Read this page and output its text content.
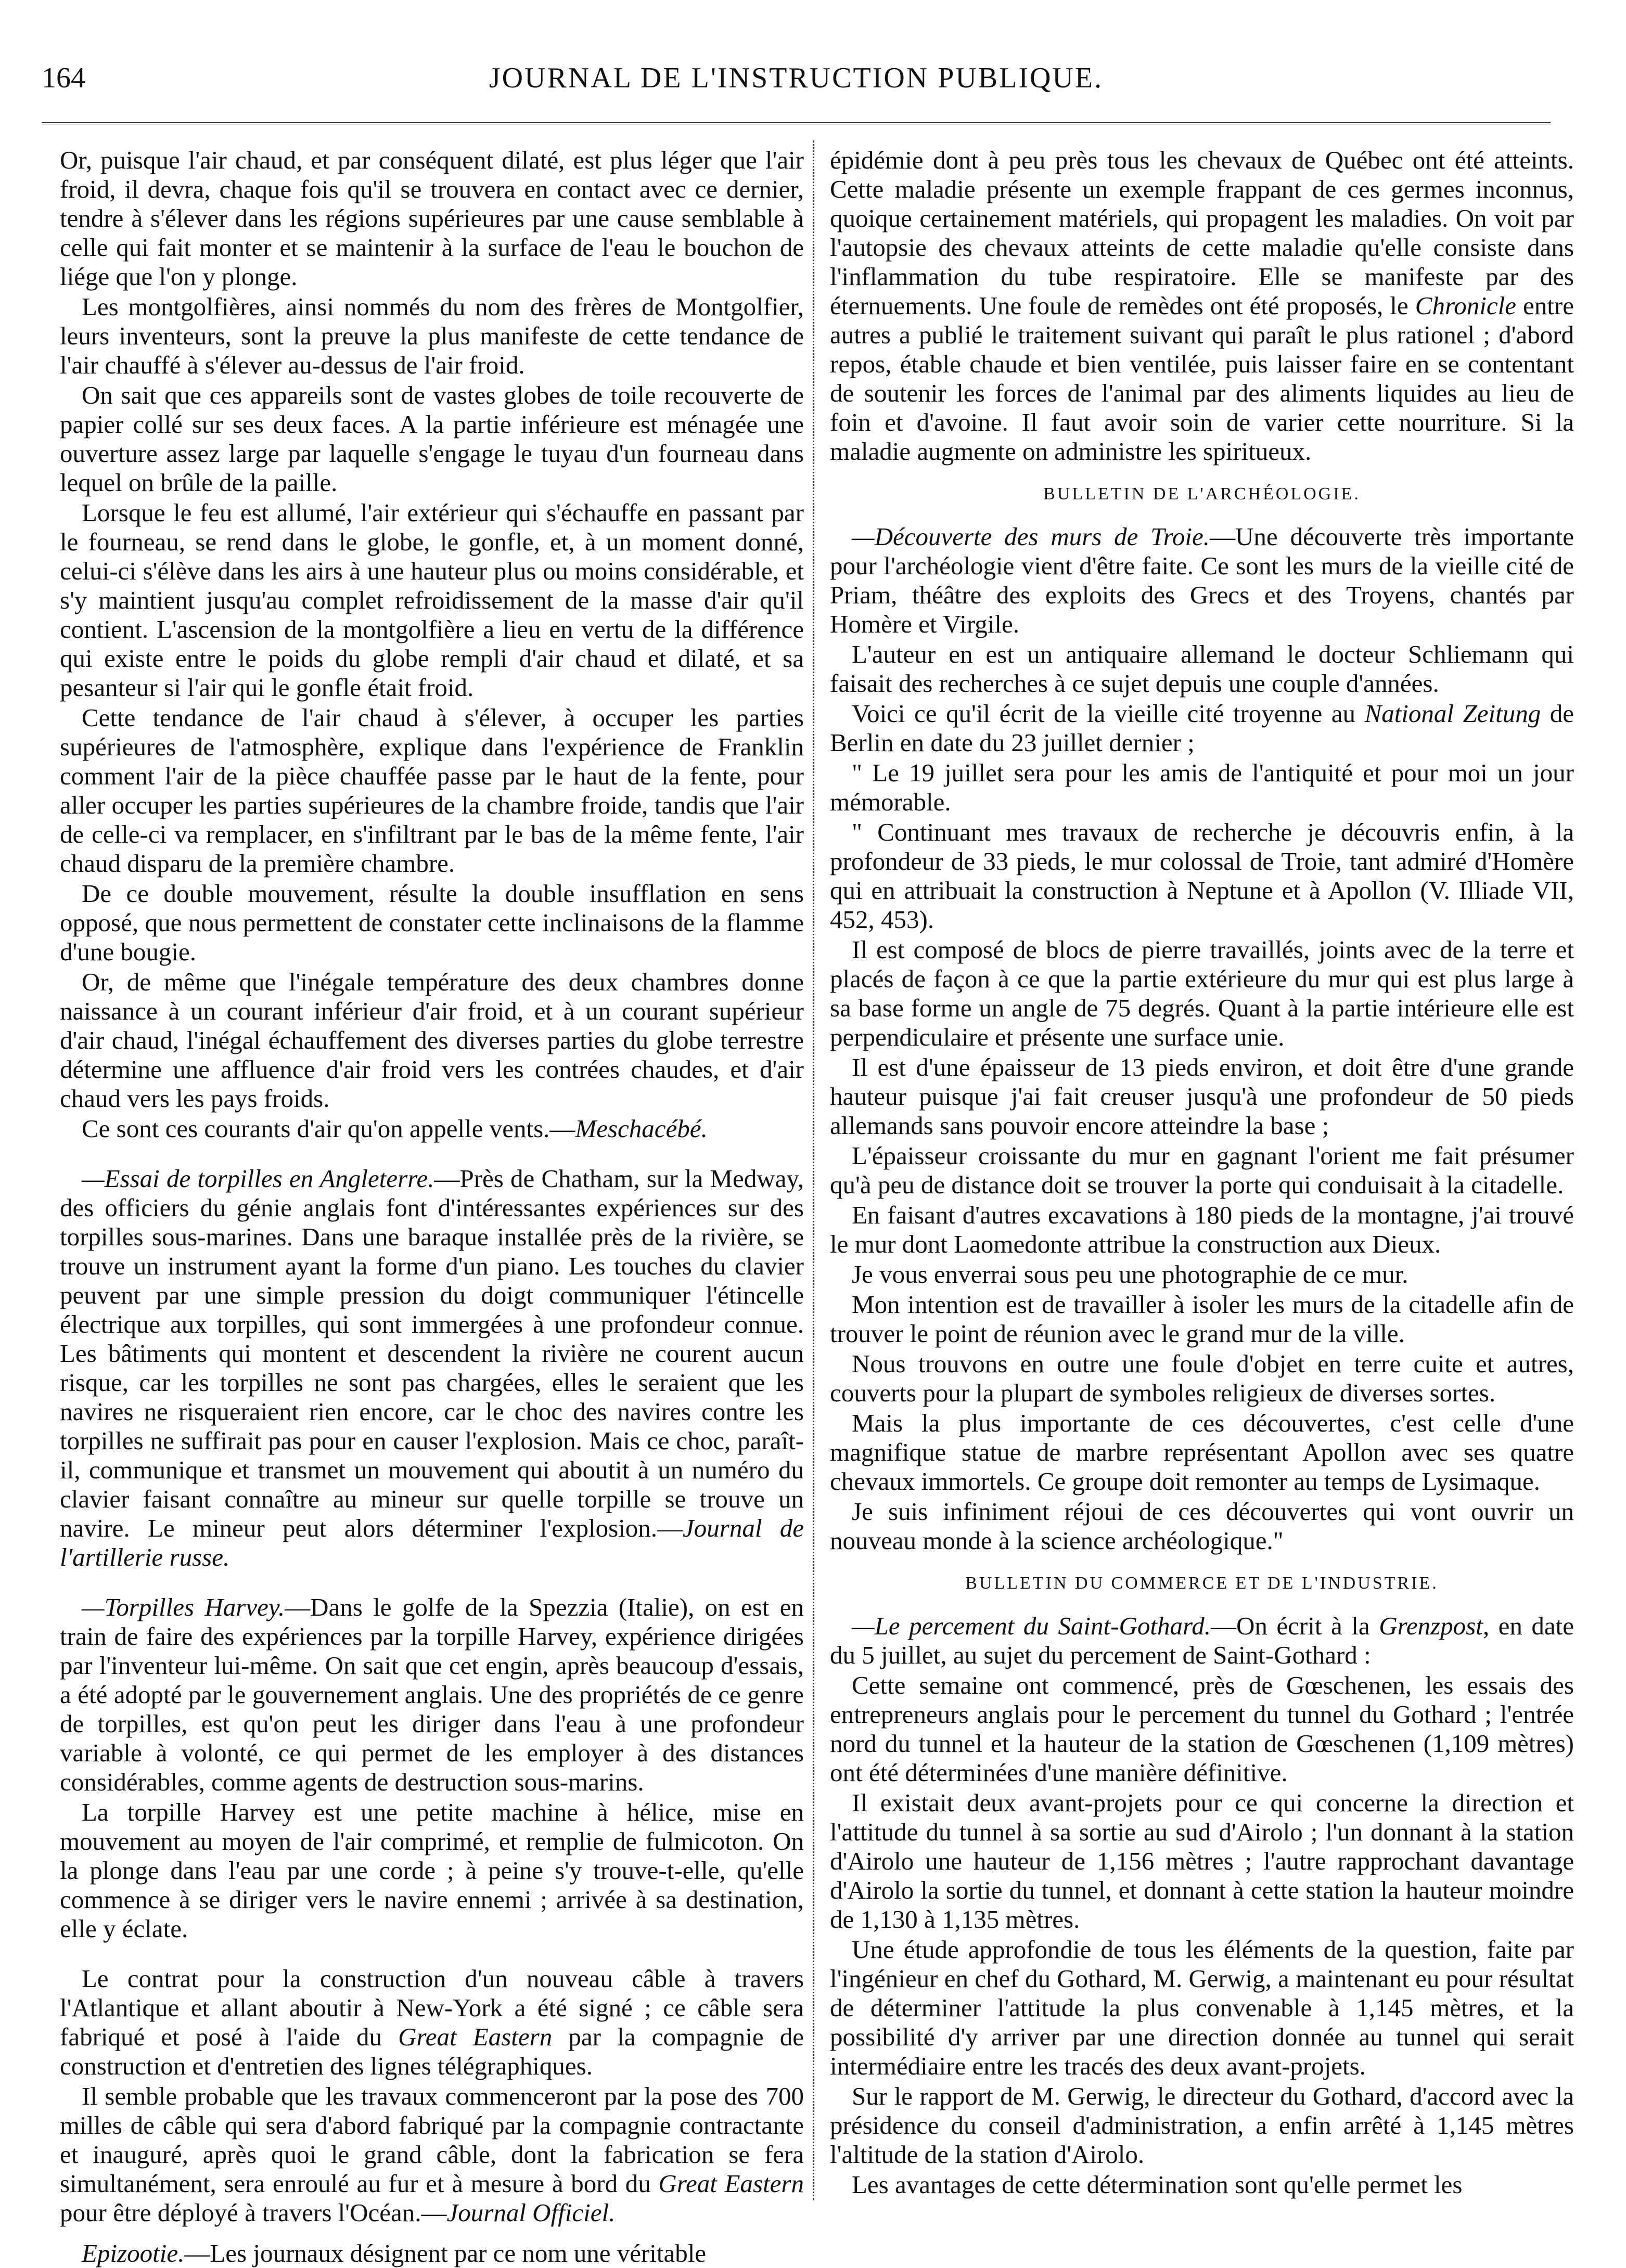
164	JOURNAL DE L'INSTRUCTION PUBLIQUE.

Or, puisque l'air chaud, et par conséquent dilaté, est plus léger que l'air froid, il devra, chaque fois qu'il se trouvera en contact avec ce dernier, tendre à s'élever dans les régions supérieures par une cause semblable à celle qui fait monter et se maintenir à la surface de l'eau le bouchon de liége que l'on y plonge.

Les montgolfières, ainsi nommés du nom des frères de Montgolfier, leurs inventeurs, sont la preuve la plus manifeste de cette tendance de l'air chauffé à s'élever au-dessus de l'air froid.

On sait que ces appareils sont de vastes globes de toile recouverte de papier collé sur ses deux faces. A la partie inférieure est ménagée une ouverture assez large par laquelle s'engage le tuyau d'un fourneau dans lequel on brûle de la paille.

Lorsque le feu est allumé, l'air extérieur qui s'échauffe en passant par le fourneau, se rend dans le globe, le gonfle, et, à un moment donné, celui-ci s'élève dans les airs à une hauteur plus ou moins considérable, et s'y maintient jusqu'au complet refroidissement de la masse d'air qu'il contient. L'ascension de la montgolfière a lieu en vertu de la différence qui existe entre le poids du globe rempli d'air chaud et dilaté, et sa pesanteur si l'air qui le gonfle était froid.

Cette tendance de l'air chaud à s'élever, à occuper les parties supérieures de l'atmosphère, explique dans l'expérience de Franklin comment l'air de la pièce chauffée passe par le haut de la fente, pour aller occuper les parties supérieures de la chambre froide, tandis que l'air de celle-ci va remplacer, en s'infiltrant par le bas de la même fente, l'air chaud disparu de la première chambre.

De ce double mouvement, résulte la double insufflation en sens opposé, que nous permettent de constater cette inclinaisons de la flamme d'une bougie.

Or, de même que l'inégale température des deux chambres donne naissance à un courant inférieur d'air froid, et à un courant supérieur d'air chaud, l'inégal échauffement des diverses parties du globe terrestre détermine une affluence d'air froid vers les contrées chaudes, et d'air chaud vers les pays froids.

Ce sont ces courants d'air qu'on appelle vents.—Meschacébé.

—Essai de torpilles en Angleterre.—Près de Chatham, sur la Medway, des officiers du génie anglais font d'intéressantes expériences sur des torpilles sous-marines. Dans une baraque installée près de la rivière, se trouve un instrument ayant la forme d'un piano. Les touches du clavier peuvent par une simple pression du doigt communiquer l'étincelle électrique aux torpilles, qui sont immergées à une profondeur connue. Les bâtiments qui montent et descendent la rivière ne courent aucun risque, car les torpilles ne sont pas chargées, elles le seraient que les navires ne risqueraient rien encore, car le choc des navires contre les torpilles ne suffirait pas pour en causer l'explosion. Mais ce choc, paraît-il, communique et transmet un mouvement qui aboutit à un numéro du clavier faisant connaître au mineur sur quelle torpille se trouve un navire. Le mineur peut alors déterminer l'explosion.—Journal de l'artillerie russe.

—Torpilles Harvey.—Dans le golfe de la Spezzia (Italie), on est en train de faire des expériences par la torpille Harvey, expérience dirigées par l'inventeur lui-même. On sait que cet engin, après beaucoup d'essais, a été adopté par le gouvernement anglais. Une des propriétés de ce genre de torpilles, est qu'on peut les diriger dans l'eau à une profondeur variable à volonté, ce qui permet de les employer à des distances considérables, comme agents de destruction sous-marins.

La torpille Harvey est une petite machine à hélice, mise en mouvement au moyen de l'air comprimé, et remplie de fulmicoton. On la plonge dans l'eau par une corde ; à peine s'y trouve-t-elle, qu'elle commence à se diriger vers le navire ennemi ; arrivée à sa destination, elle y éclate.

Le contrat pour la construction d'un nouveau câble à travers l'Atlantique et allant aboutir à New-York a été signé ; ce câble sera fabriqué et posé à l'aide du Great Eastern par la compagnie de construction et d'entretien des lignes télégraphiques.

Il semble probable que les travaux commenceront par la pose des 700 milles de câble qui sera d'abord fabriqué par la compagnie contractante et inauguré, après quoi le grand câble, dont la fabrication se fera simultanément, sera enroulé au fur et à mesure à bord du Great Eastern pour être déployé à travers l'Océan.—Journal Officiel.

Epizootie.—Les journaux désignent par ce nom une véritable

épidémie dont à peu près tous les chevaux de Québec ont été atteints. Cette maladie présente un exemple frappant de ces germes inconnus, quoique certainement matériels, qui propagent les maladies. On voit par l'autopsie des chevaux atteints de cette maladie qu'elle consiste dans l'inflammation du tube respiratoire. Elle se manifeste par des éternuements. Une foule de remèdes ont été proposés, le Chronicle entre autres a publié le traitement suivant qui paraît le plus rationel ; d'abord repos, étable chaude et bien ventilée, puis laisser faire en se contentant de soutenir les forces de l'animal par des aliments liquides au lieu de foin et d'avoine. Il faut avoir soin de varier cette nourriture. Si la maladie augmente on administre les spiritueux.

BULLETIN DE L'ARCHÉOLOGIE.

—Découverte des murs de Troie.—Une découverte très importante pour l'archéologie vient d'être faite. Ce sont les murs de la vieille cité de Priam, théâtre des exploits des Grecs et des Troyens, chantés par Homère et Virgile.

L'auteur en est un antiquaire allemand le docteur Schliemann qui faisait des recherches à ce sujet depuis une couple d'années.

Voici ce qu'il écrit de la vieille cité troyenne au National Zeitung de Berlin en date du 23 juillet dernier ;

" Le 19 juillet sera pour les amis de l'antiquité et pour moi un jour mémorable.

" Continuant mes travaux de recherche je découvris enfin, à la profondeur de 33 pieds, le mur colossal de Troie, tant admiré d'Homère qui en attribuait la construction à Neptune et à Apollon (V. Illiade VII, 452, 453).

Il est composé de blocs de pierre travaillés, joints avec de la terre et placés de façon à ce que la partie extérieure du mur qui est plus large à sa base forme un angle de 75 degrés. Quant à la partie intérieure elle est perpendiculaire et présente une surface unie.

Il est d'une épaisseur de 13 pieds environ, et doit être d'une grande hauteur puisque j'ai fait creuser jusqu'à une profondeur de 50 pieds allemands sans pouvoir encore atteindre la base ;

L'épaisseur croissante du mur en gagnant l'orient me fait présumer qu'à peu de distance doit se trouver la porte qui conduisait à la citadelle.

En faisant d'autres excavations à 180 pieds de la montagne, j'ai trouvé le mur dont Laomedonte attribue la construction aux Dieux.

Je vous enverrai sous peu une photographie de ce mur.

Mon intention est de travailler à isoler les murs de la citadelle afin de trouver le point de réunion avec le grand mur de la ville.

Nous trouvons en outre une foule d'objet en terre cuite et autres, couverts pour la plupart de symboles religieux de diverses sortes.

Mais la plus importante de ces découvertes, c'est celle d'une magnifique statue de marbre représentant Apollon avec ses quatre chevaux immortels. Ce groupe doit remonter au temps de Lysimaque.

Je suis infiniment réjoui de ces découvertes qui vont ouvrir un nouveau monde à la science archéologique."

BULLETIN DU COMMERCE ET DE L'INDUSTRIE.

—Le percement du Saint-Gothard.—On écrit à la Grenzpost, en date du 5 juillet, au sujet du percement de Saint-Gothard :

Cette semaine ont commencé, près de Gœschenen, les essais des entrepreneurs anglais pour le percement du tunnel du Gothard ; l'entrée nord du tunnel et la hauteur de la station de Gœschenen (1,109 mètres) ont été déterminées d'une manière définitive.

Il existait deux avant-projets pour ce qui concerne la direction et l'attitude du tunnel à sa sortie au sud d'Airolo ; l'un donnant à la station d'Airolo une hauteur de 1,156 mètres ; l'autre rapprochant davantage d'Airolo la sortie du tunnel, et donnant à cette station la hauteur moindre de 1,130 à 1,135 mètres.

Une étude approfondie de tous les éléments de la question, faite par l'ingénieur en chef du Gothard, M. Gerwig, a maintenant eu pour résultat de déterminer l'attitude la plus convenable à 1,145 mètres, et la possibilité d'y arriver par une direction donnée au tunnel qui serait intermédiaire entre les tracés des deux avant-projets.

Sur le rapport de M. Gerwig, le directeur du Gothard, d'accord avec la présidence du conseil d'administration, a enfin arrêté à 1,145 mètres l'altitude de la station d'Airolo.

Les avantages de cette détermination sont qu'elle permet les
